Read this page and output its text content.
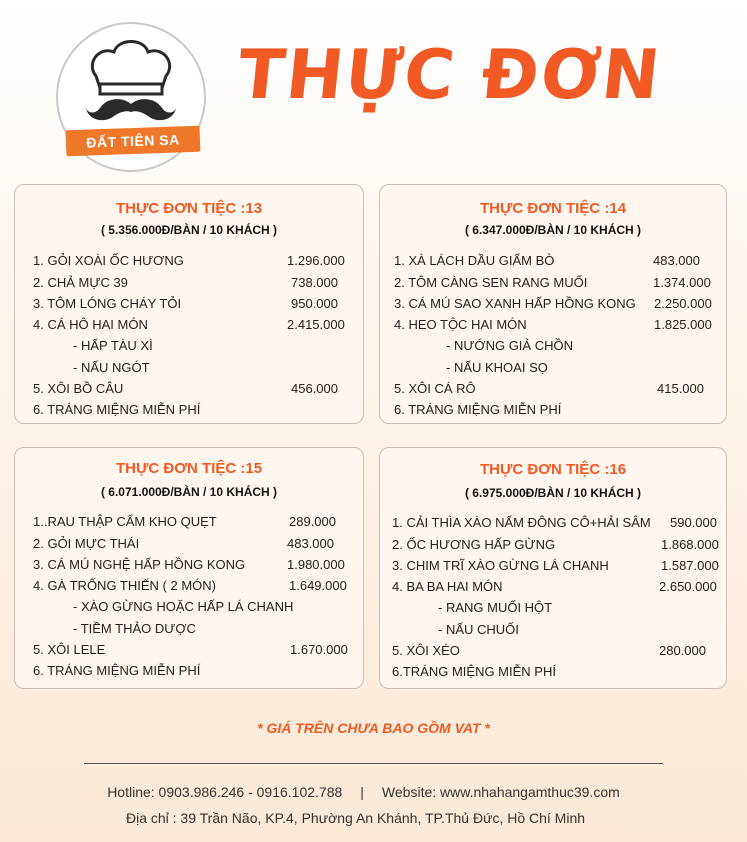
ĐẤT TIÊN SA
THỰC ĐƠN
THỰC ĐƠN TIỆC :13
( 5.356.000Đ/BÀN / 10 KHÁCH )
1. GỎI XOÀI ỐC HƯƠNG	1.296.000
2. CHẢ MỰC 39	738.000
3. TÔM LÓNG CHÁY TỎI	950.000
4. CÁ HÔ HAI MÓN	2.415.000
- HẤP TÀU XÌ
- NẤU NGÓT
5. XÔI BỒ CÂU	456.000
6. TRÁNG MIỆNG MIỄN PHÍ
THỰC ĐƠN TIỆC :14
( 6.347.000Đ/BÀN / 10 KHÁCH )
1. XÀ LÁCH DẦU GIẤM BÒ	483.000
2. TÔM CÀNG SEN RANG MUỐI	1.374.000
3. CÁ MÚ SAO XANH HẤP HỒNG KONG 2.250.000
4. HEO TỘC HAI MÓN	1.825.000
- NƯỚNG GIẢ CHỒN
- NẤU KHOAI SỌ
5. XÔI CÁ RÔ	415.000
6. TRÁNG MIỆNG MIỄN PHÍ
THỰC ĐƠN TIỆC :15
( 6.071.000Đ/BÀN / 10 KHÁCH )
1..RAU THẬP CẨM KHO QUẸT	289.000
2. GỎI MỰC THÁI	483.000
3. CÁ MÚ NGHỆ HẤP HỒNG KONG	1.980.000
4. GÀ TRỐNG THIẾN ( 2 MÓN)	1.649.000
- XÀO GỪNG HOẶC HẤP LÁ CHANH
- TIỀM THẢO DƯỢC
5. XÔI LELE	1.670.000
6. TRÁNG MIỆNG MIỄN PHÍ
THỰC ĐƠN TIỆC :16
( 6.975.000Đ/BÀN / 10 KHÁCH )
1. CẢI THÌA XÀO NẤM ĐÔNG CÔ+HẢI SÂM 590.000
2. ỐC HƯƠNG HẤP GỪNG	1.868.000
3. CHIM TRĨ XÀO GỪNG LÁ CHANH	1.587.000
4. BA BA HAI MÓN	2.650.000
- RANG MUỐI HỘT
- NẤU CHUỐI
5. XÔI XÉO	280.000
6.TRÁNG MIỆNG MIỄN PHÍ
* GIÁ TRÊN CHƯA BAO GỒM VAT *
Hotline: 0903.986.246 - 0916.102.788 | Website: www.nhahangamthuc39.com
Địa chỉ : 39 Trần Não, KP.4, Phường An Khánh, TP.Thủ Đức, Hồ Chí Minh
